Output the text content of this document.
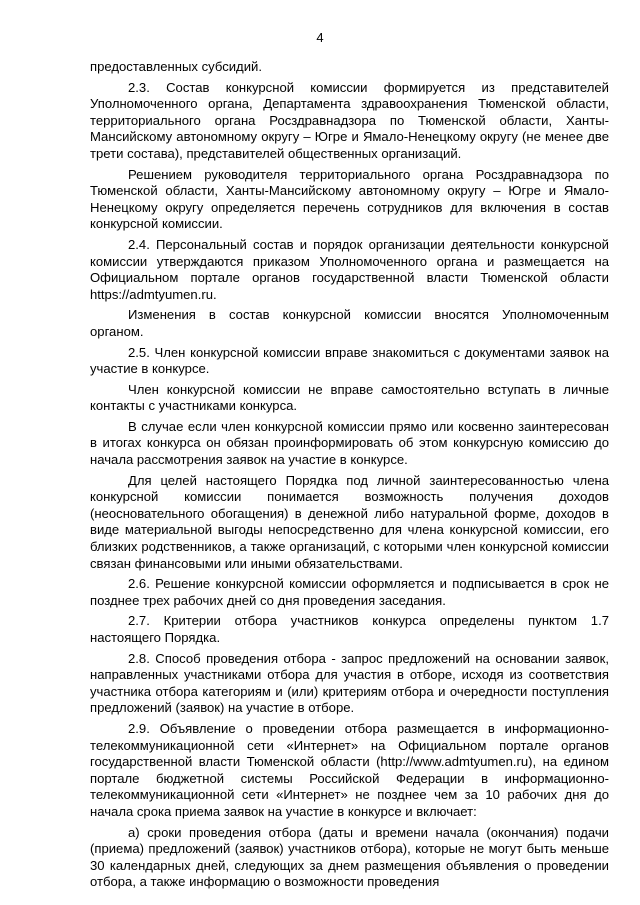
4

предоставленных субсидий.

2.3. Состав конкурсной комиссии формируется из представителей Уполномоченного органа, Департамента здравоохранения Тюменской области, территориального органа Росздравнадзора по Тюменской области, Ханты-Мансийскому автономному округу – Югре и Ямало-Ненецкому округу (не менее две трети состава), представителей общественных организаций.

Решением руководителя территориального органа Росздравнадзора по Тюменской области, Ханты-Мансийскому автономному округу – Югре и Ямало-Ненецкому округу определяется перечень сотрудников для включения в состав конкурсной комиссии.

2.4. Персональный состав и порядок организации деятельности конкурсной комиссии утверждаются приказом Уполномоченного органа и размещается на Официальном портале органов государственной власти Тюменской области https://admtyumen.ru.

Изменения в состав конкурсной комиссии вносятся Уполномоченным органом.

2.5. Член конкурсной комиссии вправе знакомиться с документами заявок на участие в конкурсе.

Член конкурсной комиссии не вправе самостоятельно вступать в личные контакты с участниками конкурса.

В случае если член конкурсной комиссии прямо или косвенно заинтересован в итогах конкурса он обязан проинформировать об этом конкурсную комиссию до начала рассмотрения заявок на участие в конкурсе.

Для целей настоящего Порядка под личной заинтересованностью члена конкурсной комиссии понимается возможность получения доходов (неосновательного обогащения) в денежной либо натуральной форме, доходов в виде материальной выгоды непосредственно для члена конкурсной комиссии, его близких родственников, а также организаций, с которыми член конкурсной комиссии связан финансовыми или иными обязательствами.

2.6. Решение конкурсной комиссии оформляется и подписывается в срок не позднее трех рабочих дней со дня проведения заседания.

2.7. Критерии отбора участников конкурса определены пунктом 1.7 настоящего Порядка.

2.8. Способ проведения отбора - запрос предложений на основании заявок, направленных участниками отбора для участия в отборе, исходя из соответствия участника отбора категориям и (или) критериям отбора и очередности поступления предложений (заявок) на участие в отборе.

2.9. Объявление о проведении отбора размещается в информационно-телекоммуникационной сети «Интернет» на Официальном портале органов государственной власти Тюменской области (http://www.admtyumen.ru), на едином портале бюджетной системы Российской Федерации в информационно-телекоммуникационной сети «Интернет» не позднее чем за 10 рабочих дня до начала срока приема заявок на участие в конкурсе и включает:

а) сроки проведения отбора (даты и времени начала (окончания) подачи (приема) предложений (заявок) участников отбора), которые не могут быть меньше 30 календарных дней, следующих за днем размещения объявления о проведении отбора, а также информацию о возможности проведения
